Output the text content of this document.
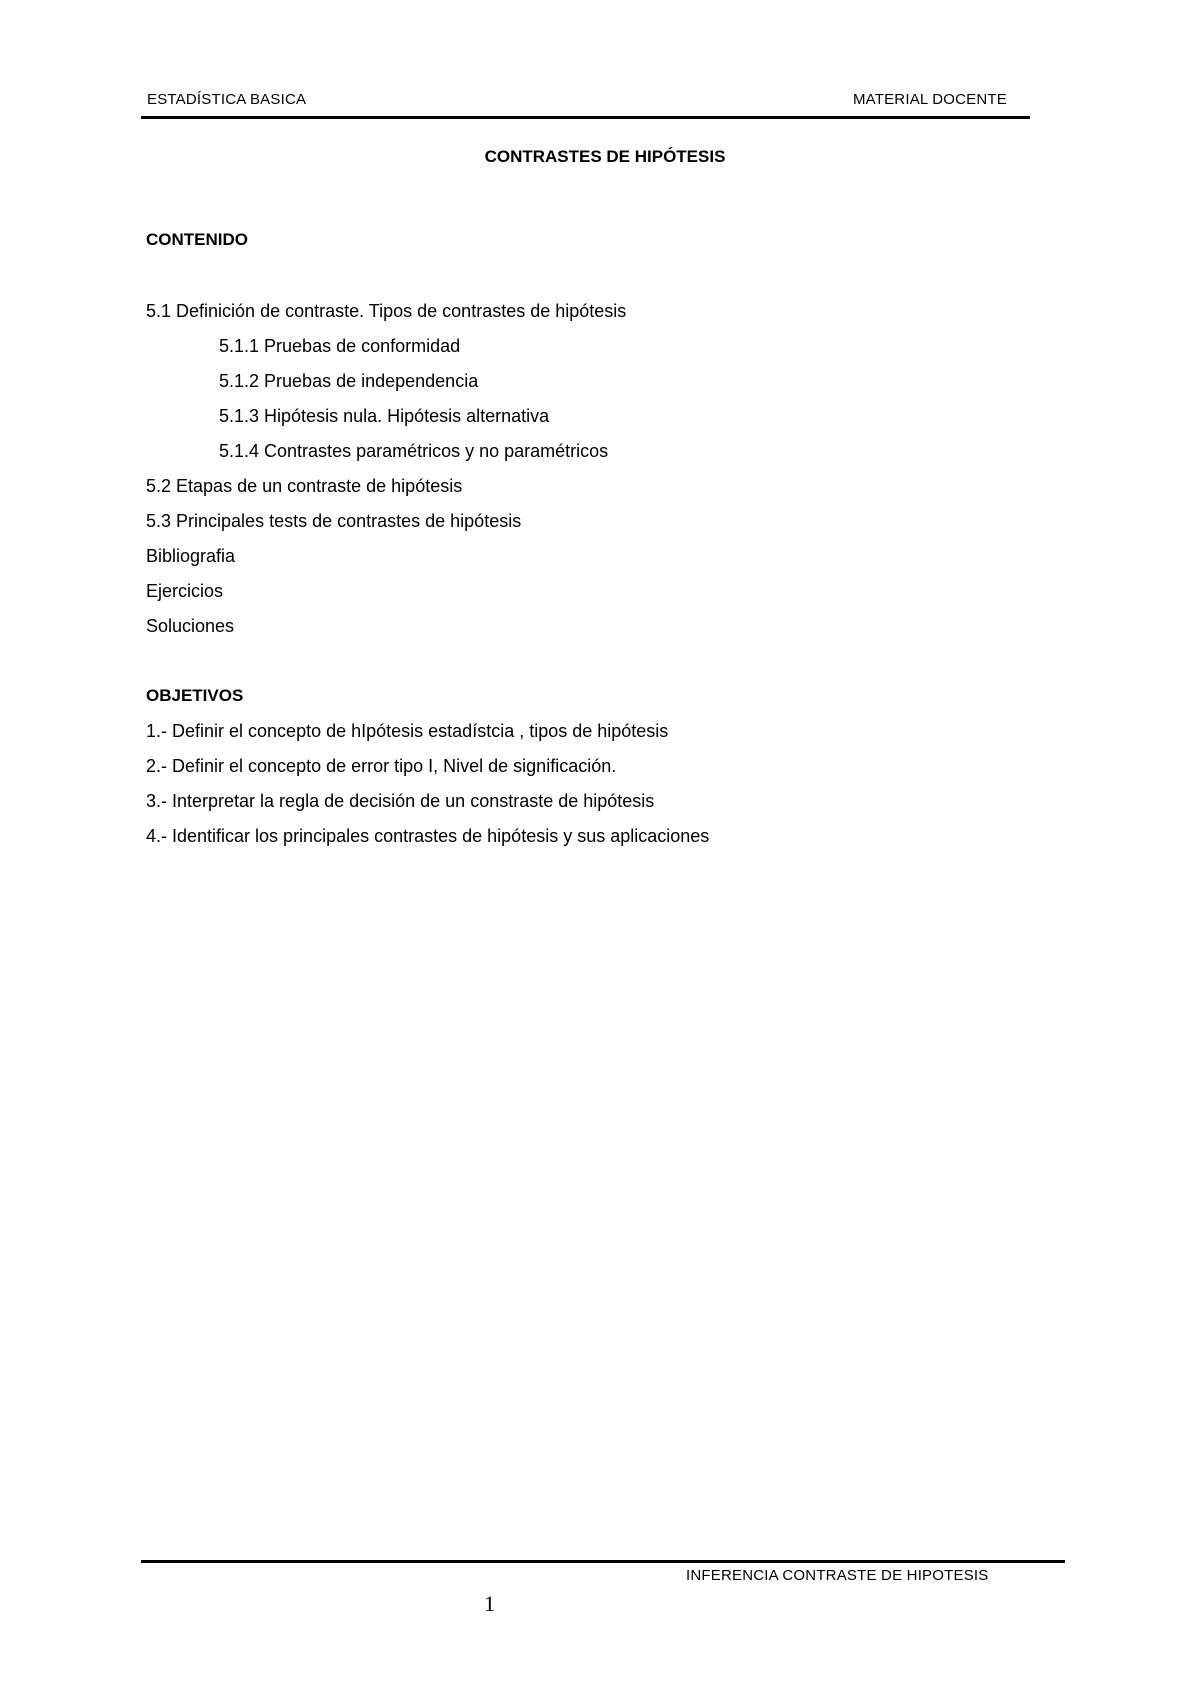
ESTADÍSTICA BASICA	MATERIAL DOCENTE
CONTRASTES DE HIPÓTESIS
CONTENIDO
5.1 Definición de contraste. Tipos de contrastes de hipótesis
5.1.1 Pruebas de conformidad
5.1.2 Pruebas de independencia
5.1.3 Hipótesis nula. Hipótesis alternativa
5.1.4 Contrastes paramétricos y no paramétricos
5.2 Etapas de un contraste de hipótesis
5.3 Principales tests de contrastes de hipótesis
Bibliografia
Ejercicios
Soluciones
OBJETIVOS
1.- Definir el concepto de hIpótesis estadístcia , tipos de hipótesis
2.- Definir el concepto de error tipo I, Nivel de significación.
3.- Interpretar la regla de decisión de un constraste de hipótesis
4.- Identificar los principales contrastes de hipótesis y sus aplicaciones
INFERENCIA CONTRASTE DE HIPOTESIS
1
